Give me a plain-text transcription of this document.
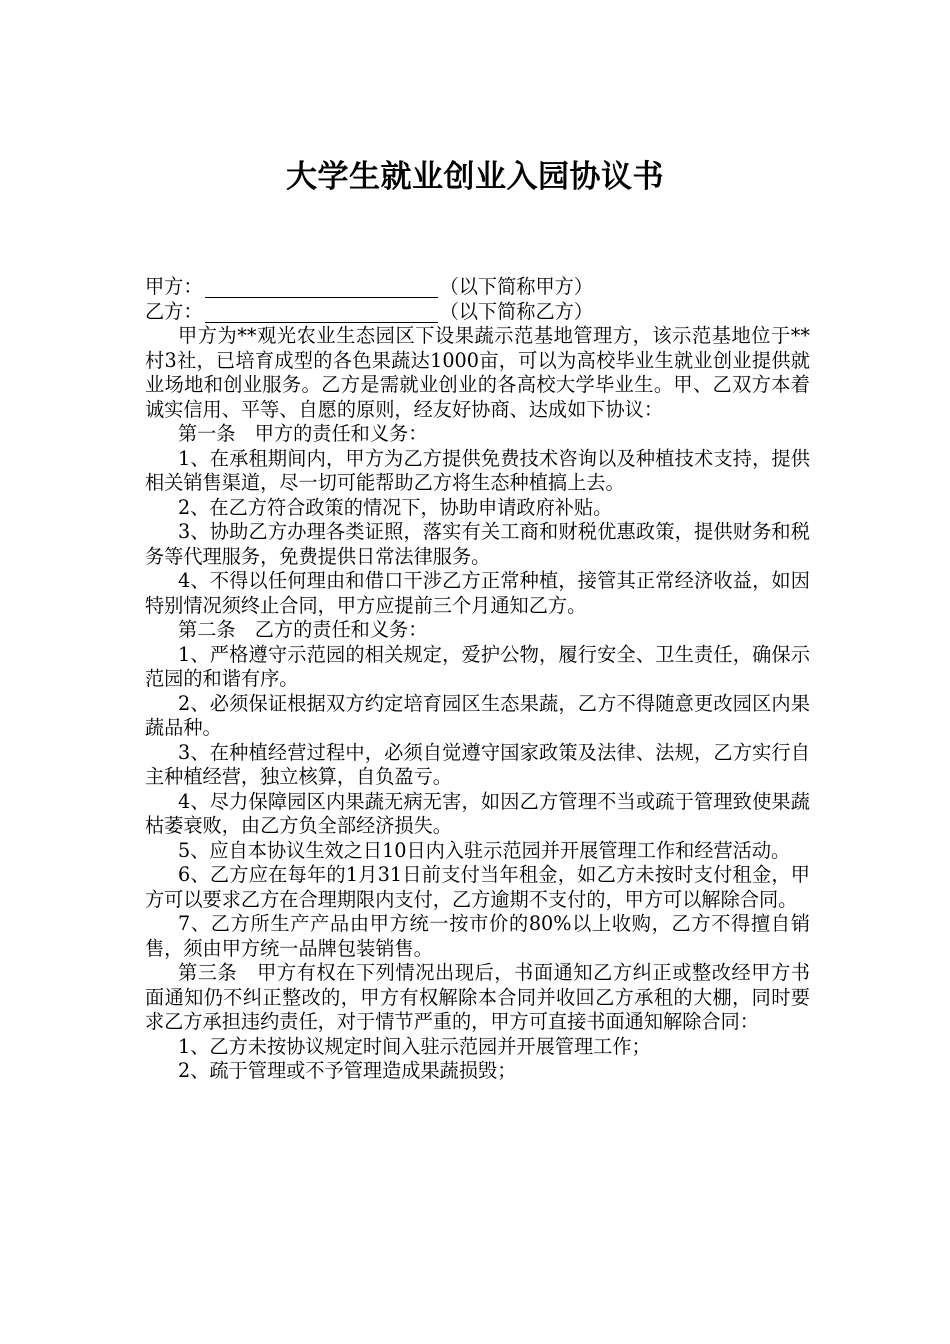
大学生就业创业入园协议书

甲方：	（以下简称甲方）

乙方：	（以下简称乙方）

甲方为**观光农业生态园区下设果蔬示范基地管理方，该示范基地位于**村3社，已培育成型的各色果蔬达1000亩，可以为高校毕业生就业创业提供就业场地和创业服务。乙方是需就业创业的各高校大学毕业生。甲、乙双方本着诚实信用、平等、自愿的原则，经友好协商、达成如下协议：

第一条　甲方的责任和义务：

1、在承租期间内，甲方为乙方提供免费技术咨询以及种植技术支持，提供相关销售渠道，尽一切可能帮助乙方将生态种植搞上去。

2、在乙方符合政策的情况下，协助申请政府补贴。

3、协助乙方办理各类证照，落实有关工商和财税优惠政策，提供财务和税务等代理服务，免费提供日常法律服务。

4、不得以任何理由和借口干涉乙方正常种植，接管其正常经济收益，如因特别情况须终止合同，甲方应提前三个月通知乙方。

第二条　乙方的责任和义务：

1、严格遵守示范园的相关规定，爱护公物，履行安全、卫生责任，确保示范园的和谐有序。

2、必须保证根据双方约定培育园区生态果蔬，乙方不得随意更改园区内果蔬品种。

3、在种植经营过程中，必须自觉遵守国家政策及法律、法规，乙方实行自主种植经营，独立核算，自负盈亏。

4、尽力保障园区内果蔬无病无害，如因乙方管理不当或疏于管理致使果蔬枯萎衰败，由乙方负全部经济损失。

5、应自本协议生效之日10日内入驻示范园并开展管理工作和经营活动。

6、乙方应在每年的1月31日前支付当年租金，如乙方未按时支付租金，甲方可以要求乙方在合理期限内支付，乙方逾期不支付的，甲方可以解除合同。

7、乙方所生产产品由甲方统一按市价的80%以上收购，乙方不得擅自销售，须由甲方统一品牌包装销售。

第三条　甲方有权在下列情况出现后，书面通知乙方纠正或整改经甲方书面通知仍不纠正整改的，甲方有权解除本合同并收回乙方承租的大棚，同时要求乙方承担违约责任，对于情节严重的，甲方可直接书面通知解除合同：

1、乙方未按协议规定时间入驻示范园并开展管理工作；

2、疏于管理或不予管理造成果蔬损毁；
